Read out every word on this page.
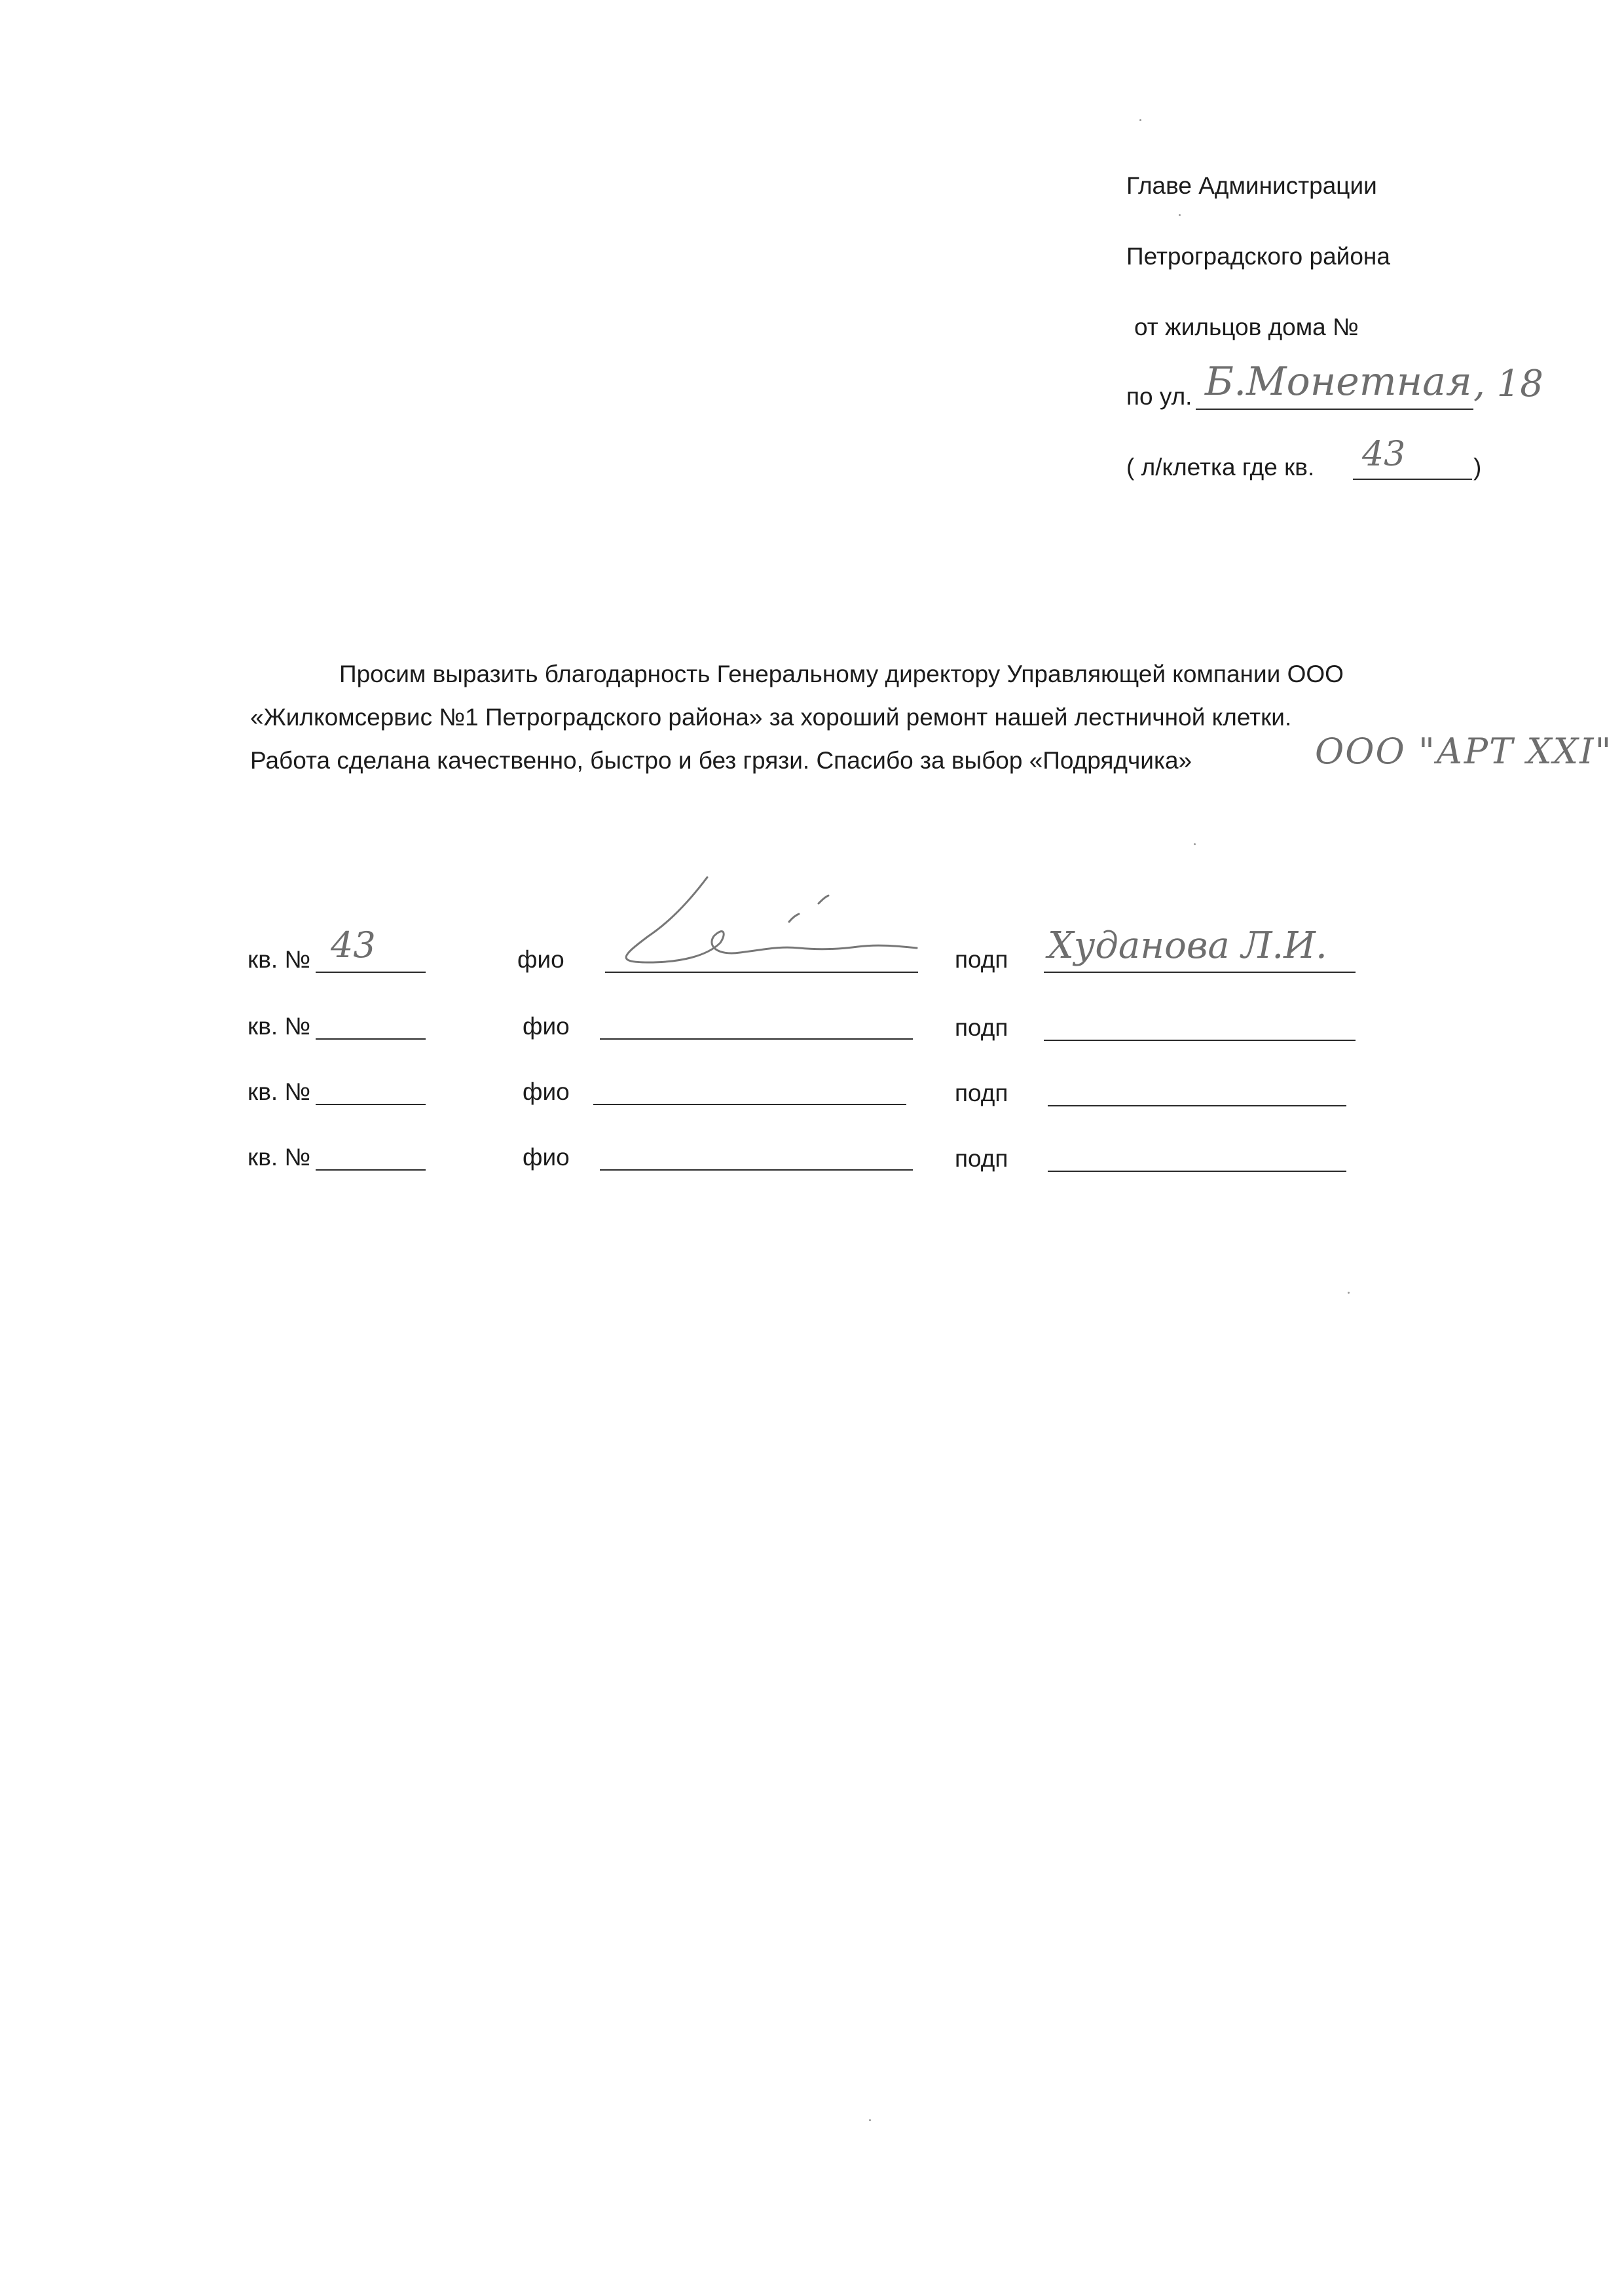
Главе Администрации
Петроградского района
от жильцов дома №
по ул. Б.Монетная , 18
( л/клетка где кв. 43	)
Просим выразить благодарность Генеральному директору Управляющей компании ООО
«Жилкомсервис №1 Петроградского района» за хороший ремонт нашей лестничной клетки.
Работа сделана качественно, быстро и без грязи. Спасибо за выбор «Подрядчика»	ООО "АРТ ХХІ"
кв. № 43	фио	подп Худанова Л.И.
кв. №	фио	подп
кв. №	фио	подп
кв. №	фио	подп
